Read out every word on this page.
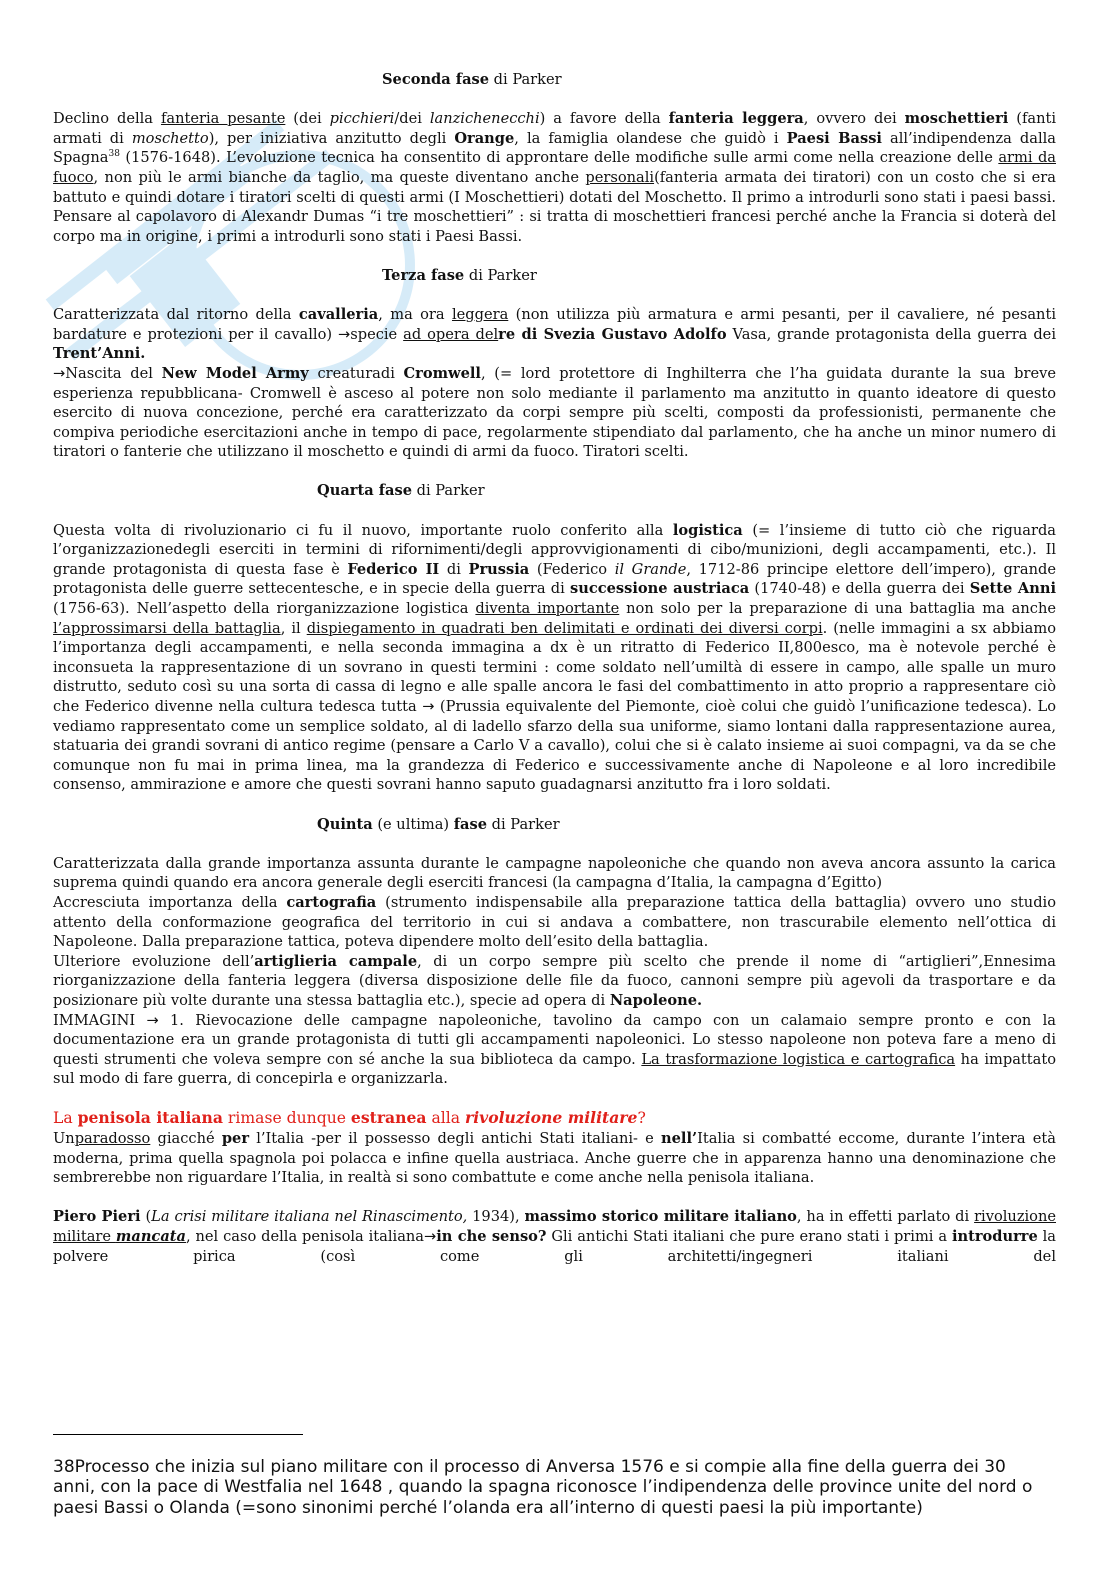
Seconda fase di Parker

Declino della fanteria pesante (dei picchieri/dei lanzichenecchi) a favore della fanteria leggera, ovvero dei moschettieri (fanti armati di moschetto), per iniziativa anzitutto degli Orange, la famiglia olandese che guidò i Paesi Bassi all’indipendenza dalla Spagna$^{38}$ (1576-1648). L’evoluzione tecnica ha consentito di approntare delle modifiche sulle armi come nella creazione delle armi da fuoco, non più le armi bianche da taglio, ma queste diventano anche personali(fanteria armata dei tiratori) con un costo che si era battuto e quindi dotare i tiratori scelti di questi armi (I Moschettieri) dotati del Moschetto. Il primo a introdurli sono stati i paesi bassi. Pensare al capolavoro di Alexandr Dumas “i tre moschettieri” : si tratta di moschettieri francesi perché anche la Francia si doterà del corpo ma in origine, i primi a introdurli sono stati i Paesi Bassi.

Terza fase di Parker

Caratterizzata dal ritorno della cavalleria, ma ora leggera (non utilizza più armatura e armi pesanti, per il cavaliere, né pesanti bardature e protezioni per il cavallo) →specie ad opera delre di Svezia Gustavo Adolfo Vasa, grande protagonista della guerra dei Trent’Anni.
→Nascita del New Model Army creaturadi Cromwell, (= lord protettore di Inghilterra che l’ha guidata durante la sua breve esperienza repubblicana- Cromwell è asceso al potere non solo mediante il parlamento ma anzitutto in quanto ideatore di questo esercito di nuova concezione, perché era caratterizzato da corpi sempre più scelti, composti da professionisti, permanente che compiva periodiche esercitazioni anche in tempo di pace, regolarmente stipendiato dal parlamento, che ha anche un minor numero di tiratori o fanterie che utilizzano il moschetto e quindi di armi da fuoco. Tiratori scelti.

Quarta fase di Parker

Questa volta di rivoluzionario ci fu il nuovo, importante ruolo conferito alla logistica (= l’insieme di tutto ciò che riguarda l’organizzazionedegli eserciti in termini di rifornimenti/degli approvvigionamenti di cibo/munizioni, degli accampamenti, etc.). Il grande protagonista di questa fase è Federico II di Prussia (Federico il Grande, 1712-86 principe elettore dell’impero), grande protagonista delle guerre settecentesche, e in specie della guerra di successione austriaca (1740-48) e della guerra dei Sette Anni (1756-63). Nell’aspetto della riorganizzazione logistica diventa importante non solo per la preparazione di una battaglia ma anche l’approssimarsi della battaglia, il dispiegamento in quadrati ben delimitati e ordinati dei diversi corpi. (nelle immagini a sx abbiamo l’importanza degli accampamenti, e nella seconda immagina a dx è un ritratto di Federico II,800esco, ma è notevole perché è inconsueta la rappresentazione di un sovrano in questi termini : come soldato nell’umiltà di essere in campo, alle spalle un muro distrutto, seduto così su una sorta di cassa di legno e alle spalle ancora le fasi del combattimento in atto proprio a rappresentare ciò che Federico divenne nella cultura tedesca tutta → (Prussia equivalente del Piemonte, cioè colui che guidò l’unificazione tedesca). Lo vediamo rappresentato come un semplice soldato, al di ladello sfarzo della sua uniforme, siamo lontani dalla rappresentazione aurea, statuaria dei grandi sovrani di antico regime (pensare a Carlo V a cavallo), colui che si è calato insieme ai suoi compagni, va da se che comunque non fu mai in prima linea, ma la grandezza di Federico e successivamente anche di Napoleone e al loro incredibile consenso, ammirazione e amore che questi sovrani hanno saputo guadagnarsi anzitutto fra i loro soldati.

Quinta (e ultima) fase di Parker

Caratterizzata dalla grande importanza assunta durante le campagne napoleoniche che quando non aveva ancora assunto la carica suprema quindi quando era ancora generale degli eserciti francesi (la campagna d’Italia, la campagna d’Egitto)

Accresciuta importanza della cartografia (strumento indispensabile alla preparazione tattica della battaglia) ovvero uno studio attento della conformazione geografica del territorio in cui si andava a combattere, non trascurabile elemento nell’ottica di Napoleone. Dalla preparazione tattica, poteva dipendere molto dell’esito della battaglia.

Ulteriore evoluzione dell’artiglieria campale, di un corpo sempre più scelto che prende il nome di “artiglieri”,Ennesima riorganizzazione della fanteria leggera (diversa disposizione delle file da fuoco, cannoni sempre più agevoli da trasportare e da posizionare più volte durante una stessa battaglia etc.), specie ad opera di Napoleone.

IMMAGINI → 1. Rievocazione delle campagne napoleoniche, tavolino da campo con un calamaio sempre pronto e con la documentazione era un grande protagonista di tutti gli accampamenti napoleonici. Lo stesso napoleone non poteva fare a meno di questi strumenti che voleva sempre con sé anche la sua biblioteca da campo. La trasformazione logistica e cartografica ha impattato sul modo di fare guerra, di concepirla e organizzarla.

La penisola italiana rimase dunque estranea alla rivoluzione militare?

Unparadosso giacché per l’Italia -per il possesso degli antichi Stati italiani- e nell’Italia si combatté eccome, durante l’intera età moderna, prima quella spagnola poi polacca e infine quella austriaca. Anche guerre che in apparenza hanno una denominazione che sembrerebbe non riguardare l’Italia, in realtà si sono combattute e come anche nella penisola italiana.

Piero Pieri (La crisi militare italiana nel Rinascimento, 1934), massimo storico militare italiano, ha in effetti parlato di rivoluzione militare mancata, nel caso della penisola italiana→in che senso? Gli antichi Stati italiani che pure erano stati i primi a introdurre la polvere pirica (così come gli architetti/ingegneri italiani del

38Processo che inizia sul piano militare con il processo di Anversa 1576 e si compie alla fine della guerra dei 30 anni, con la pace di Westfalia nel 1648 , quando la spagna riconosce l’indipendenza delle province unite del nord o paesi Bassi o Olanda (=sono sinonimi perché l’olanda era all’interno di questi paesi la più importante)
